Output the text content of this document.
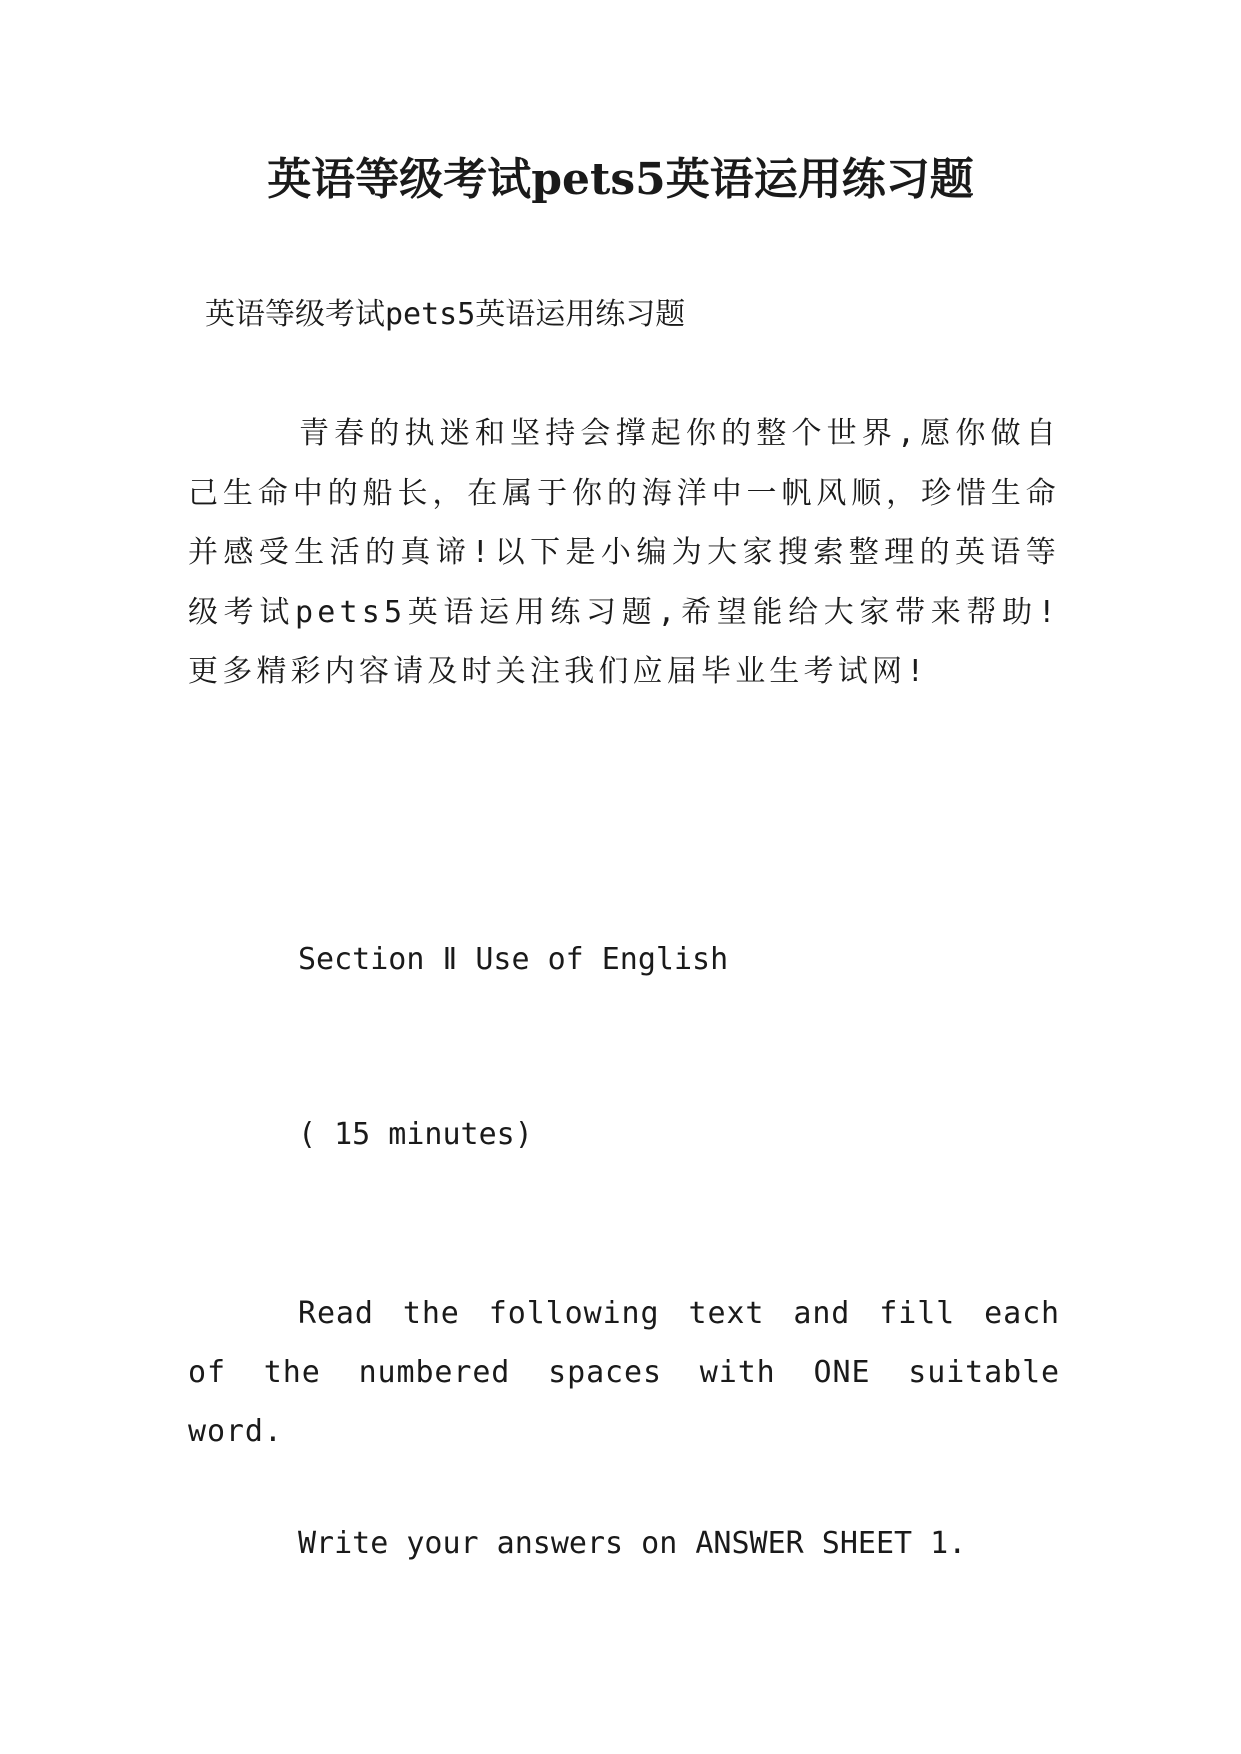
英语等级考试pets5英语运用练习题

英语等级考试pets5英语运用练习题

青春的执迷和坚持会撑起你的整个世界,愿你做自己生命中的船长，在属于你的海洋中一帆风顺，珍惜生命并感受生活的真谛!以下是小编为大家搜索整理的英语等级考试pets5英语运用练习题,希望能给大家带来帮助!更多精彩内容请及时关注我们应届毕业生考试网!

Section Ⅱ Use of English

( 15 minutes)

Read the following text and fill each of the numbered spaces with ONE suitable word.

Write your answers on ANSWER SHEET 1.
